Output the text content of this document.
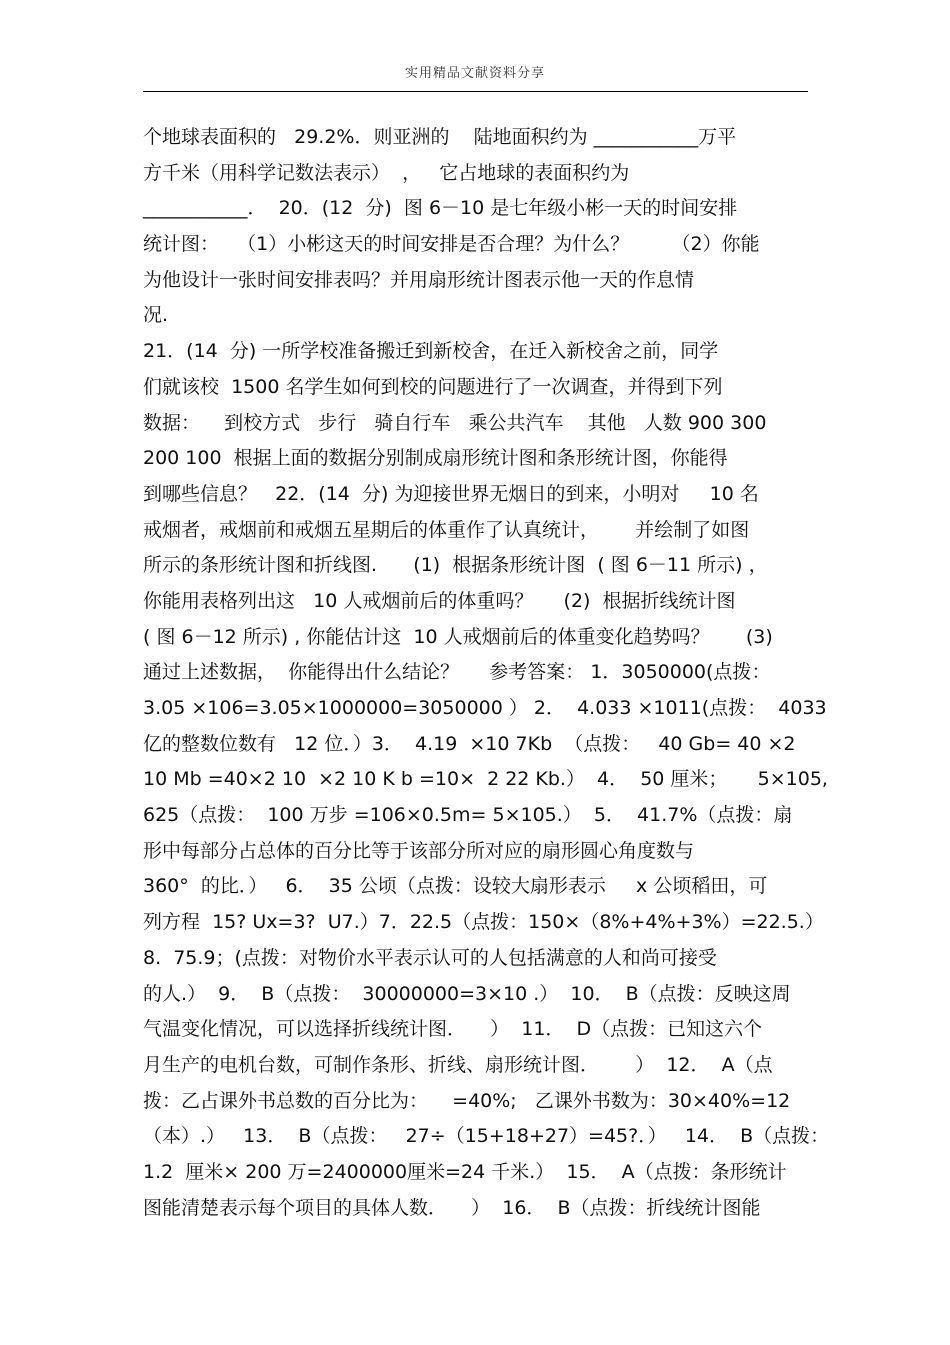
实用精品文献资料分享
个地球表面积的   29.2%．则亚洲的    陆地面积约为 ___________万平
方千米（用科学记数法表示）  ，   它占地球的表面积约为
___________．  20．(12  分)  图 6－10 是七年级小彬一天的时间安排
统计图：   （1）小彬这天的时间安排是否合理？为什么？       （2）你能
为他设计一张时间安排表吗？并用扇形统计图表示他一天的作息情
况.
21．(14  分) 一所学校准备搬迁到新校舍，在迁入新校舍之前，同学
们就该校  1500 名学生如何到校的问题进行了一次调查，并得到下列
数据：    到校方式   步行   骑自行车   乘公共汽车    其他   人数 900 300
200 100  根据上面的数据分别制成扇形统计图和条形统计图，你能得
到哪些信息？   22．(14  分) 为迎接世界无烟日的到来，小明对     10 名
戒烟者，戒烟前和戒烟五星期后的体重作了认真统计，      并绘制了如图
所示的条形统计图和折线图.      (1)  根据条形统计图  ( 图 6－11 所示) ，
你能用表格列出这   10 人戒烟前后的体重吗？     (2)  根据折线统计图
( 图 6－12 所示) , 你能估计这  10 人戒烟前后的体重变化趋势吗？      (3)
通过上述数据，  你能得出什么结论？     参考答案： 1．3050000(点拨：
3.05 ×106=3.05×1000000=3050000 ） 2．  4.033 ×1011(点拨：  4033
亿的整数位数有   12 位．）3．  4.19  ×10 7Kb  （点拨：   40 Gb= 40 ×2
10 Mb =40×2 10  ×2 10 K b =10×  2 22 Kb.）  4．  50 厘米；     5×105,
625（点拨：  100 万步 =106×0.5m= 5×105.）  5．  41.7%（点拨：扇
形中每部分占总体的百分比等于该部分所对应的扇形圆心角度数与
360°  的比．）   6．  35 公顷（点拨：设较大扇形表示     x 公顷稻田，可
列方程  15? Ux=3?  U7.）7．22.5（点拨：150×（8%+4%+3%）=22.5.）
8.  75.9；(点拨：对物价水平表示认可的人包括满意的人和尚可接受
的人.）  9．  B（点拨：  30000000=3×10 .）  10．  B（点拨：反映这周
气温变化情况，可以选择折线统计图．    ）  11．  D（点拨：已知这六个
月生产的电机台数，可制作条形、折线、扇形统计图．      ）  12．  A（点
拨：乙占课外书总数的百分比为：    =40%;   乙课外书数为：30×40%=12
（本）.）   13．  B（点拨：   27÷（15+18+27）=45?．）   14．  B（点拨：
1.2  厘米× 200 万=2400000厘米=24 千米.）  15．  A（点拨：条形统计
图能清楚表示每个项目的具体人数．    ）  16．  B（点拨：折线统计图能
